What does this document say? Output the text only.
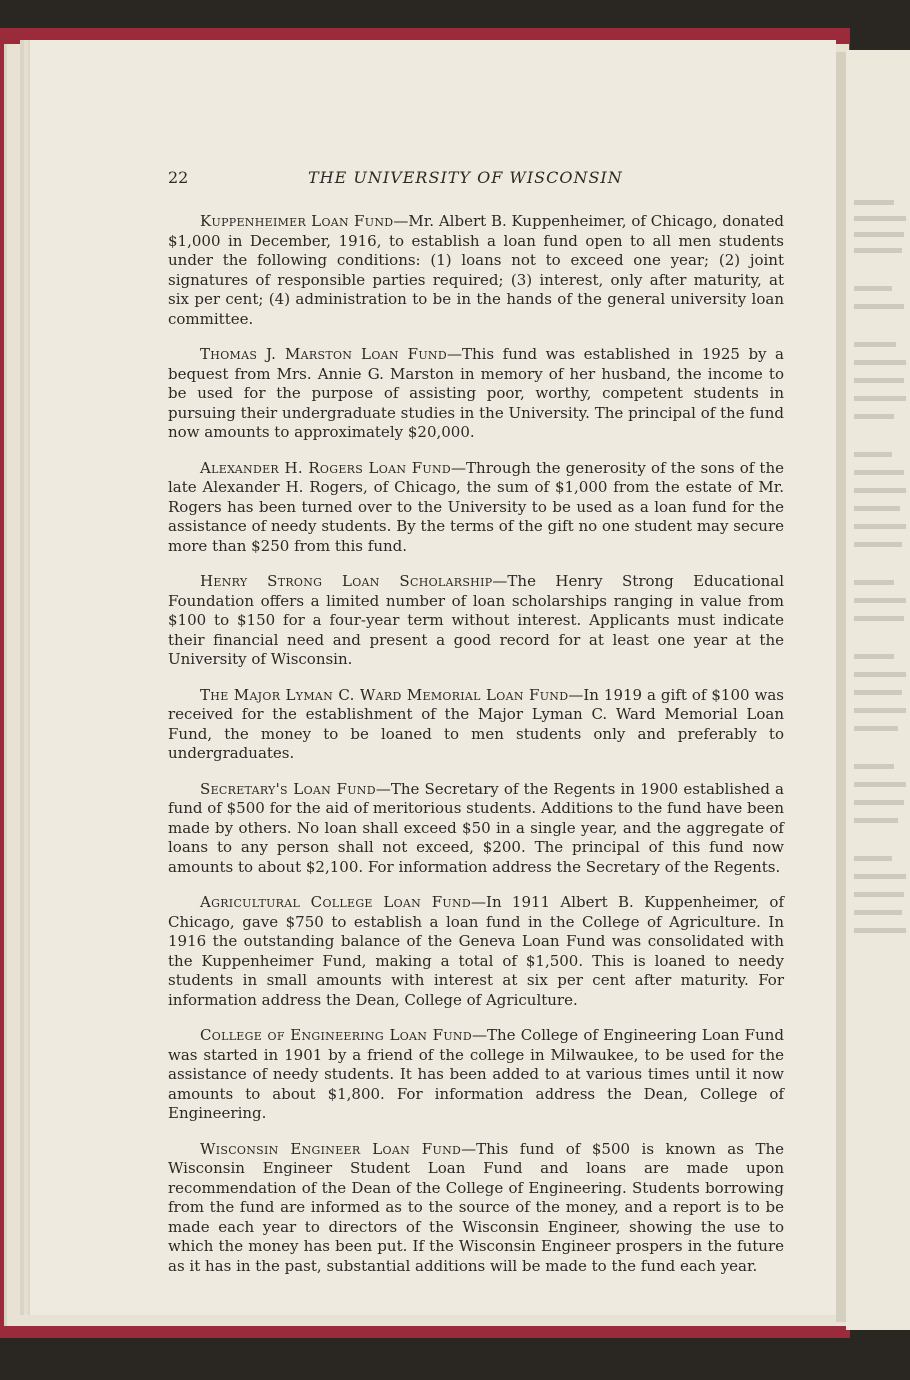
22	THE UNIVERSITY OF WISCONSIN

Kuppenheimer Loan Fund—Mr. Albert B. Kuppenheimer, of Chicago, donated $1,000 in December, 1916, to establish a loan fund open to all men students under the following conditions: (1) loans not to exceed one year; (2) joint signatures of responsible parties required; (3) interest, only after maturity, at six per cent; (4) administration to be in the hands of the general university loan committee.

Thomas J. Marston Loan Fund—This fund was established in 1925 by a bequest from Mrs. Annie G. Marston in memory of her husband, the income to be used for the purpose of assisting poor, worthy, competent students in pursuing their undergraduate studies in the University. The principal of the fund now amounts to approximately $20,000.

Alexander H. Rogers Loan Fund—Through the generosity of the sons of the late Alexander H. Rogers, of Chicago, the sum of $1,000 from the estate of Mr. Rogers has been turned over to the University to be used as a loan fund for the assistance of needy students. By the terms of the gift no one student may secure more than $250 from this fund.

Henry Strong Loan Scholarship—The Henry Strong Educational Foundation offers a limited number of loan scholarships ranging in value from $100 to $150 for a four-year term without interest. Applicants must indicate their financial need and present a good record for at least one year at the University of Wisconsin.

The Major Lyman C. Ward Memorial Loan Fund—In 1919 a gift of $100 was received for the establishment of the Major Lyman C. Ward Memorial Loan Fund, the money to be loaned to men students only and preferably to undergraduates.

Secretary's Loan Fund—The Secretary of the Regents in 1900 established a fund of $500 for the aid of meritorious students. Additions to the fund have been made by others. No loan shall exceed $50 in a single year, and the aggregate of loans to any person shall not exceed, $200. The principal of this fund now amounts to about $2,100. For information address the Secretary of the Regents.

Agricultural College Loan Fund—In 1911 Albert B. Kuppenheimer, of Chicago, gave $750 to establish a loan fund in the College of Agriculture. In 1916 the outstanding balance of the Geneva Loan Fund was consolidated with the Kuppenheimer Fund, making a total of $1,500. This is loaned to needy students in small amounts with interest at six per cent after maturity. For information address the Dean, College of Agriculture.

College of Engineering Loan Fund—The College of Engineering Loan Fund was started in 1901 by a friend of the college in Milwaukee, to be used for the assistance of needy students. It has been added to at various times until it now amounts to about $1,800. For information address the Dean, College of Engineering.

Wisconsin Engineer Loan Fund—This fund of $500 is known as The Wisconsin Engineer Student Loan Fund and loans are made upon recommendation of the Dean of the College of Engineering. Students borrowing from the fund are informed as to the source of the money, and a report is to be made each year to directors of the Wisconsin Engineer, showing the use to which the money has been put. If the Wisconsin Engineer prospers in the future as it has in the past, substantial additions will be made to the fund each year.
